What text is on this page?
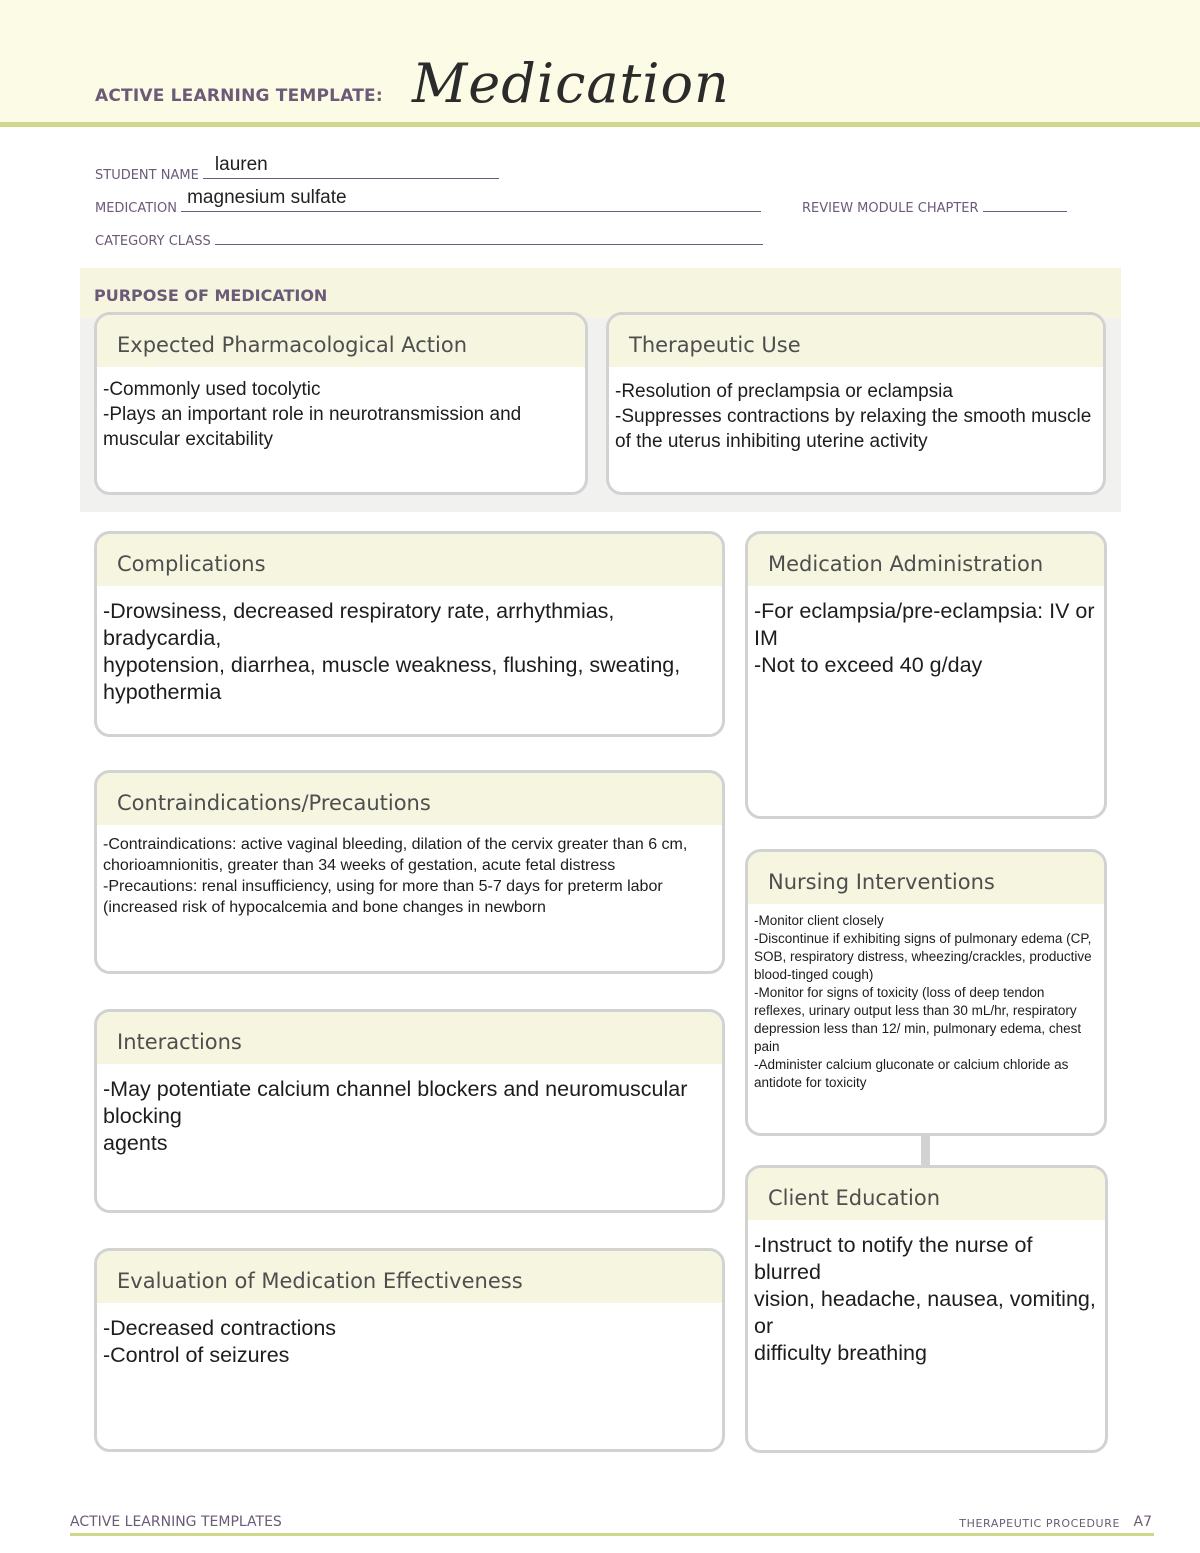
ACTIVE LEARNING TEMPLATE: Medication
STUDENT NAME
lauren
MEDICATION
magnesium sulfate
REVIEW MODULE CHAPTER
CATEGORY CLASS
PURPOSE OF MEDICATION
Expected Pharmacological Action
-Commonly used tocolytic
-Plays an important role in neurotransmission and muscular excitability
Therapeutic Use
-Resolution of preclampsia or eclampsia
-Suppresses contractions by relaxing the smooth muscle of the uterus inhibiting uterine activity
Complications
-Drowsiness, decreased respiratory rate, arrhythmias, bradycardia,
hypotension, diarrhea, muscle weakness, flushing, sweating, hypothermia
Contraindications/Precautions
-Contraindications: active vaginal bleeding, dilation of the cervix greater than 6 cm, chorioamnionitis, greater than 34 weeks of gestation, acute fetal distress
-Precautions: renal insufficiency, using for more than 5-7 days for preterm labor (increased risk of hypocalcemia and bone changes in newborn
Interactions
-May potentiate calcium channel blockers and neuromuscular blocking
agents
Evaluation of Medication Effectiveness
-Decreased contractions
-Control of seizures
Medication Administration
-For eclampsia/pre-eclampsia: IV or IM
-Not to exceed 40 g/day
Nursing Interventions
-Monitor client closely
-Discontinue if exhibiting signs of pulmonary edema (CP, SOB, respiratory distress, wheezing/crackles, productive blood-tinged cough)
-Monitor for signs of toxicity (loss of deep tendon reflexes, urinary output less than 30 mL/hr, respiratory depression less than 12/ min, pulmonary edema, chest pain
-Administer calcium gluconate or calcium chloride as antidote for toxicity
Client Education
-Instruct to notify the nurse of blurred
vision, headache, nausea, vomiting, or
difficulty breathing
ACTIVE LEARNING TEMPLATES	THERAPEUTIC PROCEDURE A7
